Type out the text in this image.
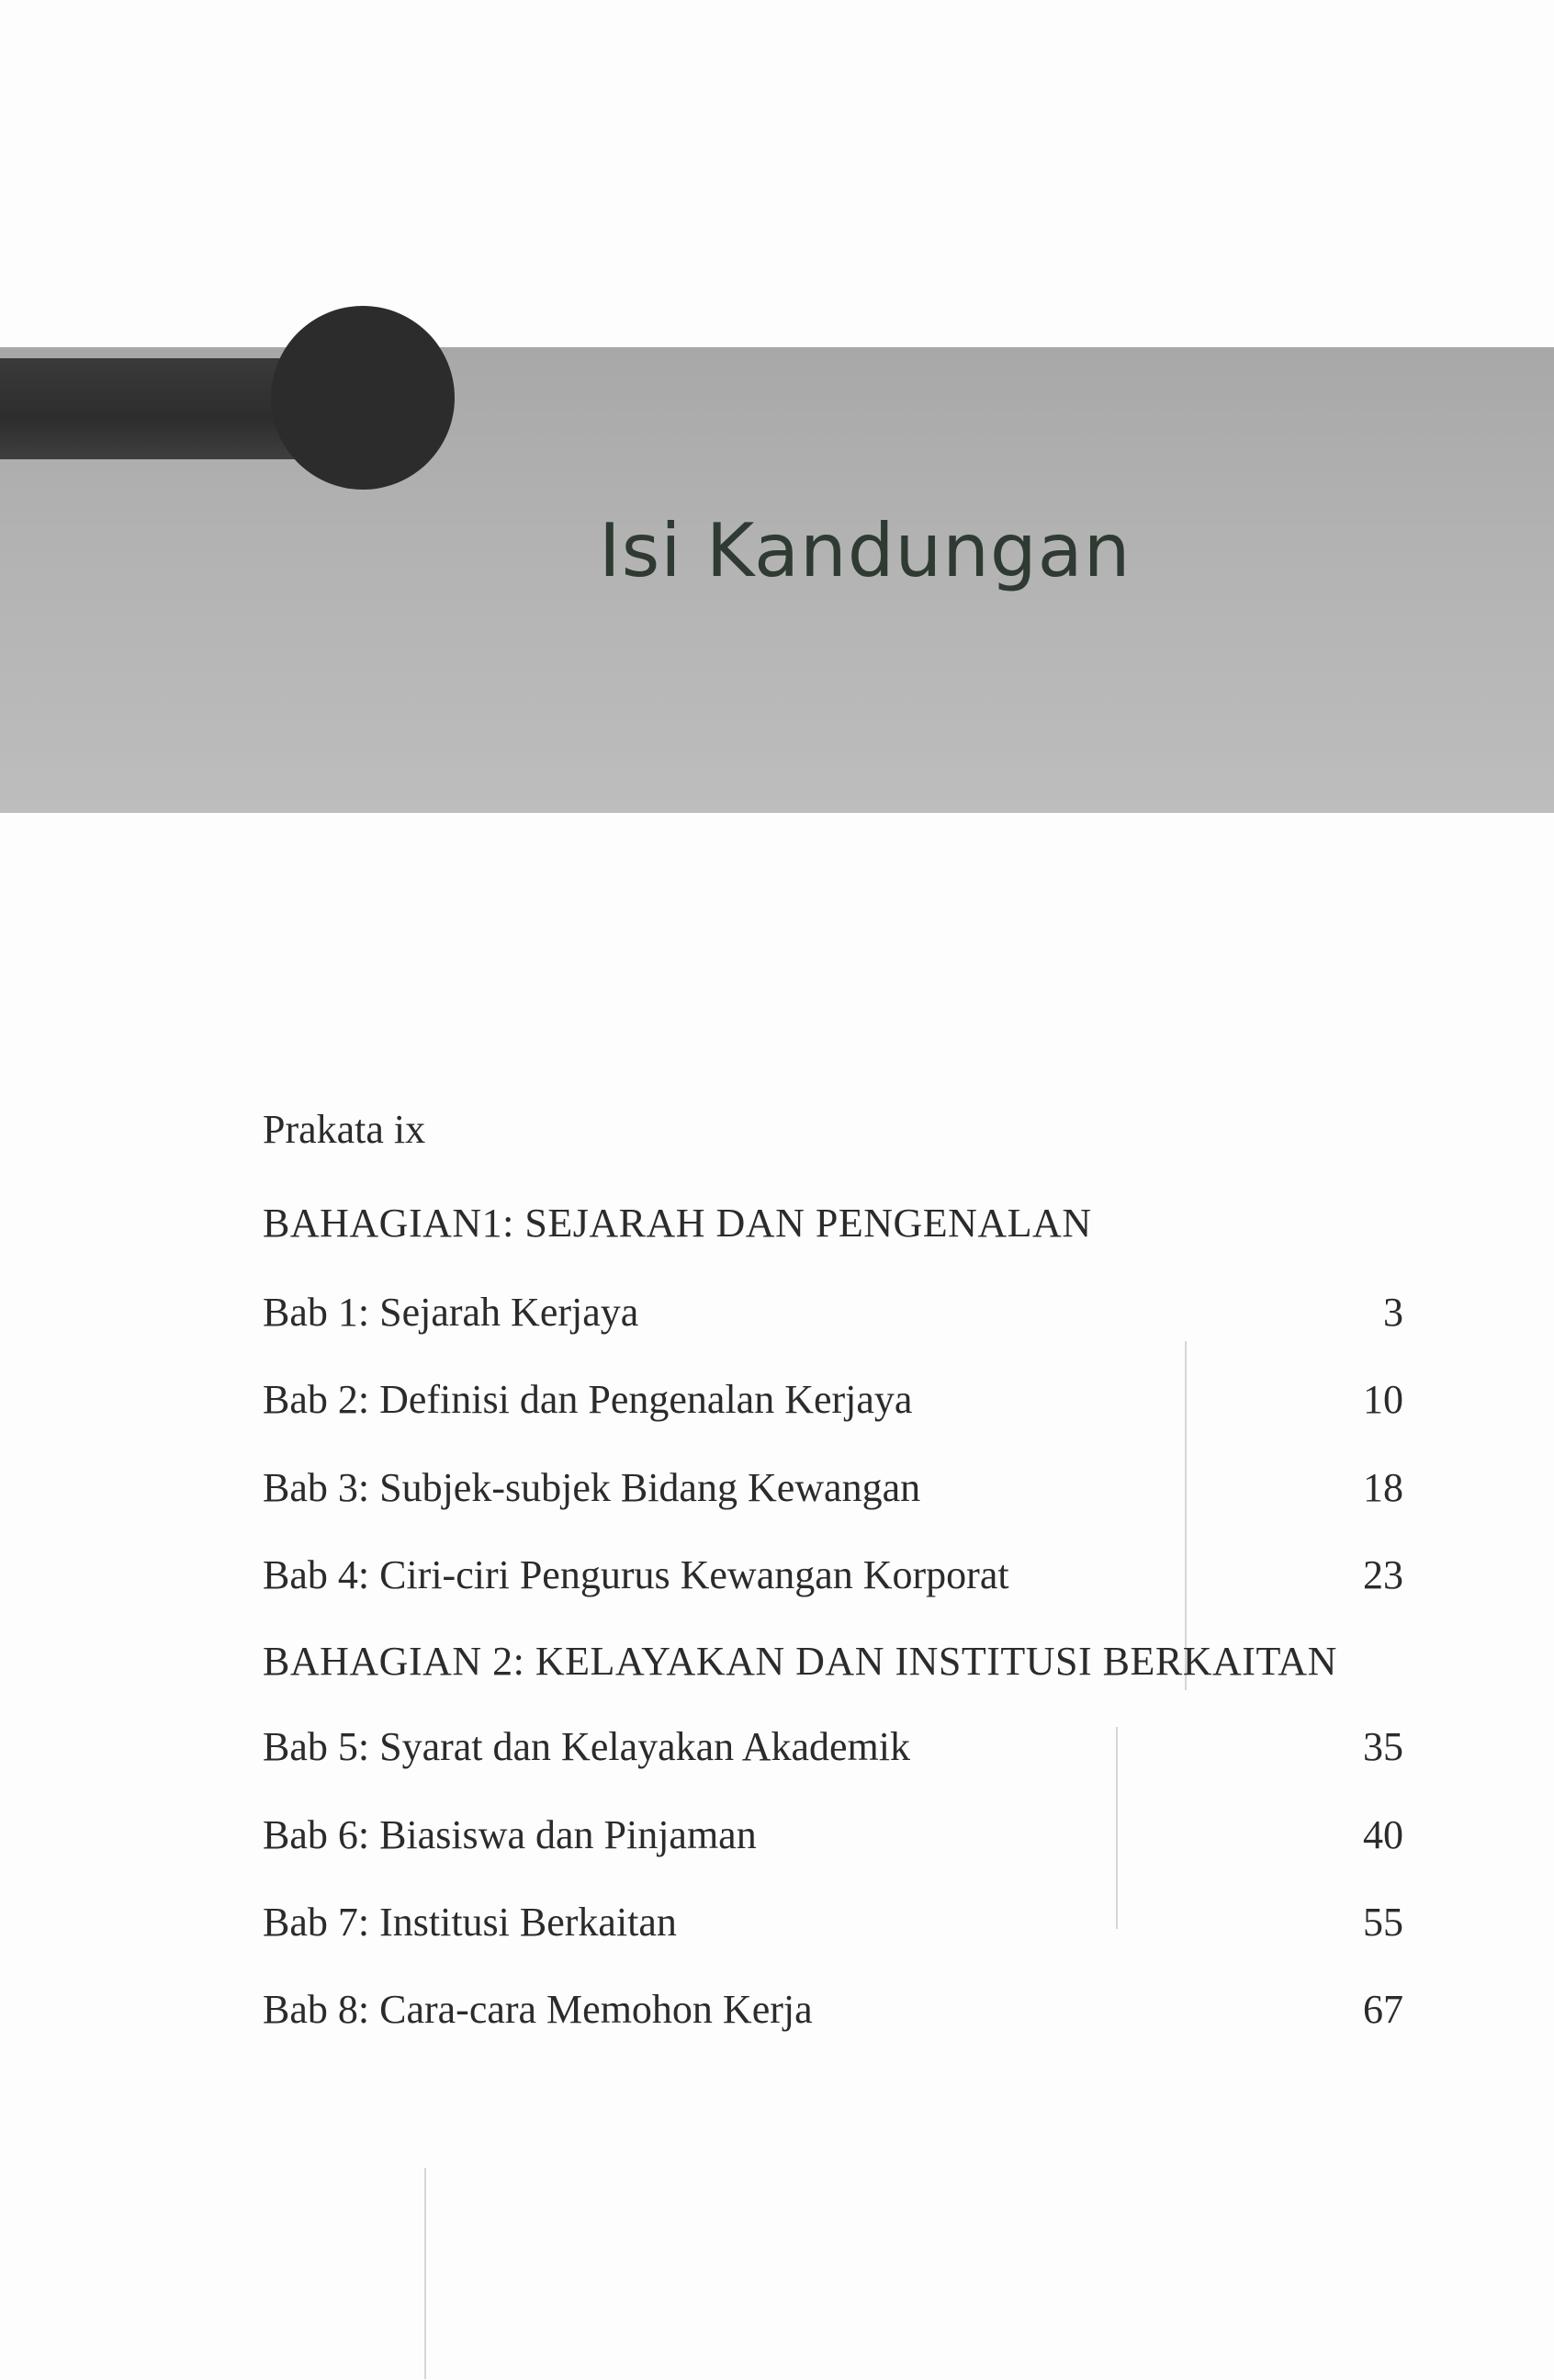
Isi Kandungan
Prakata ix
BAHAGIAN1: SEJARAH DAN PENGENALAN
Bab 1: Sejarah Kerjaya	3
Bab 2: Definisi dan Pengenalan Kerjaya	10
Bab 3: Subjek-subjek Bidang Kewangan	18
Bab 4: Ciri-ciri Pengurus Kewangan Korporat	23
BAHAGIAN 2: KELAYAKAN DAN INSTITUSI BERKAITAN
Bab 5: Syarat dan Kelayakan Akademik	35
Bab 6: Biasiswa dan Pinjaman	40
Bab 7: Institusi Berkaitan	55
Bab 8: Cara-cara Memohon Kerja	67
